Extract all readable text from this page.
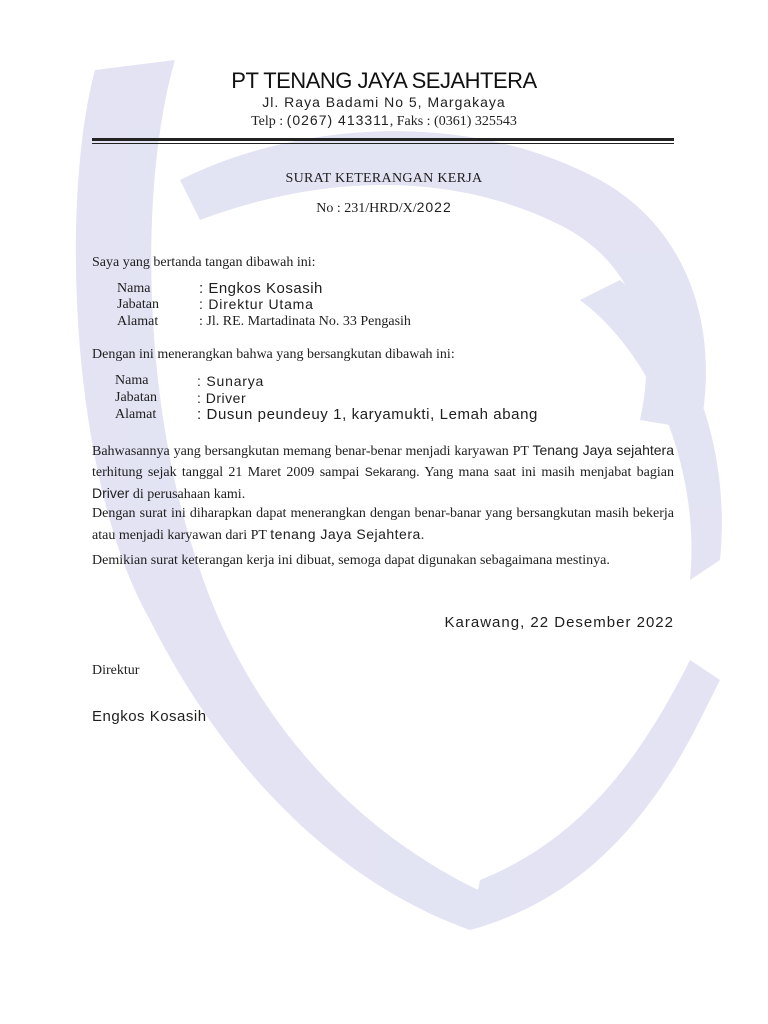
PT TENANG JAYA SEJAHTERA
Jl. Raya Badami No 5, Margakaya
Telp : (0267) 413311, Faks : (0361) 325543
SURAT KETERANGAN KERJA
No : 231/HRD/X/2022
Saya yang bertanda tangan dibawah ini:
Nama	: Engkos Kosasih
Jabatan	: Direktur Utama
Alamat	: Jl. RE. Martadinata No. 33 Pengasih
Dengan ini menerangkan bahwa yang bersangkutan dibawah ini:
Nama	: Sunarya
Jabatan	: Driver
Alamat	: Dusun peundeuy 1, karyamukti, Lemah abang
Bahwasannya yang bersangkutan memang benar-benar menjadi karyawan PT Tenang Jaya sejahtera terhitung sejak tanggal 21 Maret 2009 sampai Sekarang. Yang mana saat ini masih menjabat bagian Driver di perusahaan kami.
Dengan surat ini diharapkan dapat menerangkan dengan benar-banar yang bersangkutan masih bekerja atau menjadi karyawan dari PT tenang Jaya Sejahtera.
Demikian surat keterangan kerja ini dibuat, semoga dapat digunakan sebagaimana mestinya.
Karawang, 22 Desember 2022
Direktur
Engkos Kosasih
